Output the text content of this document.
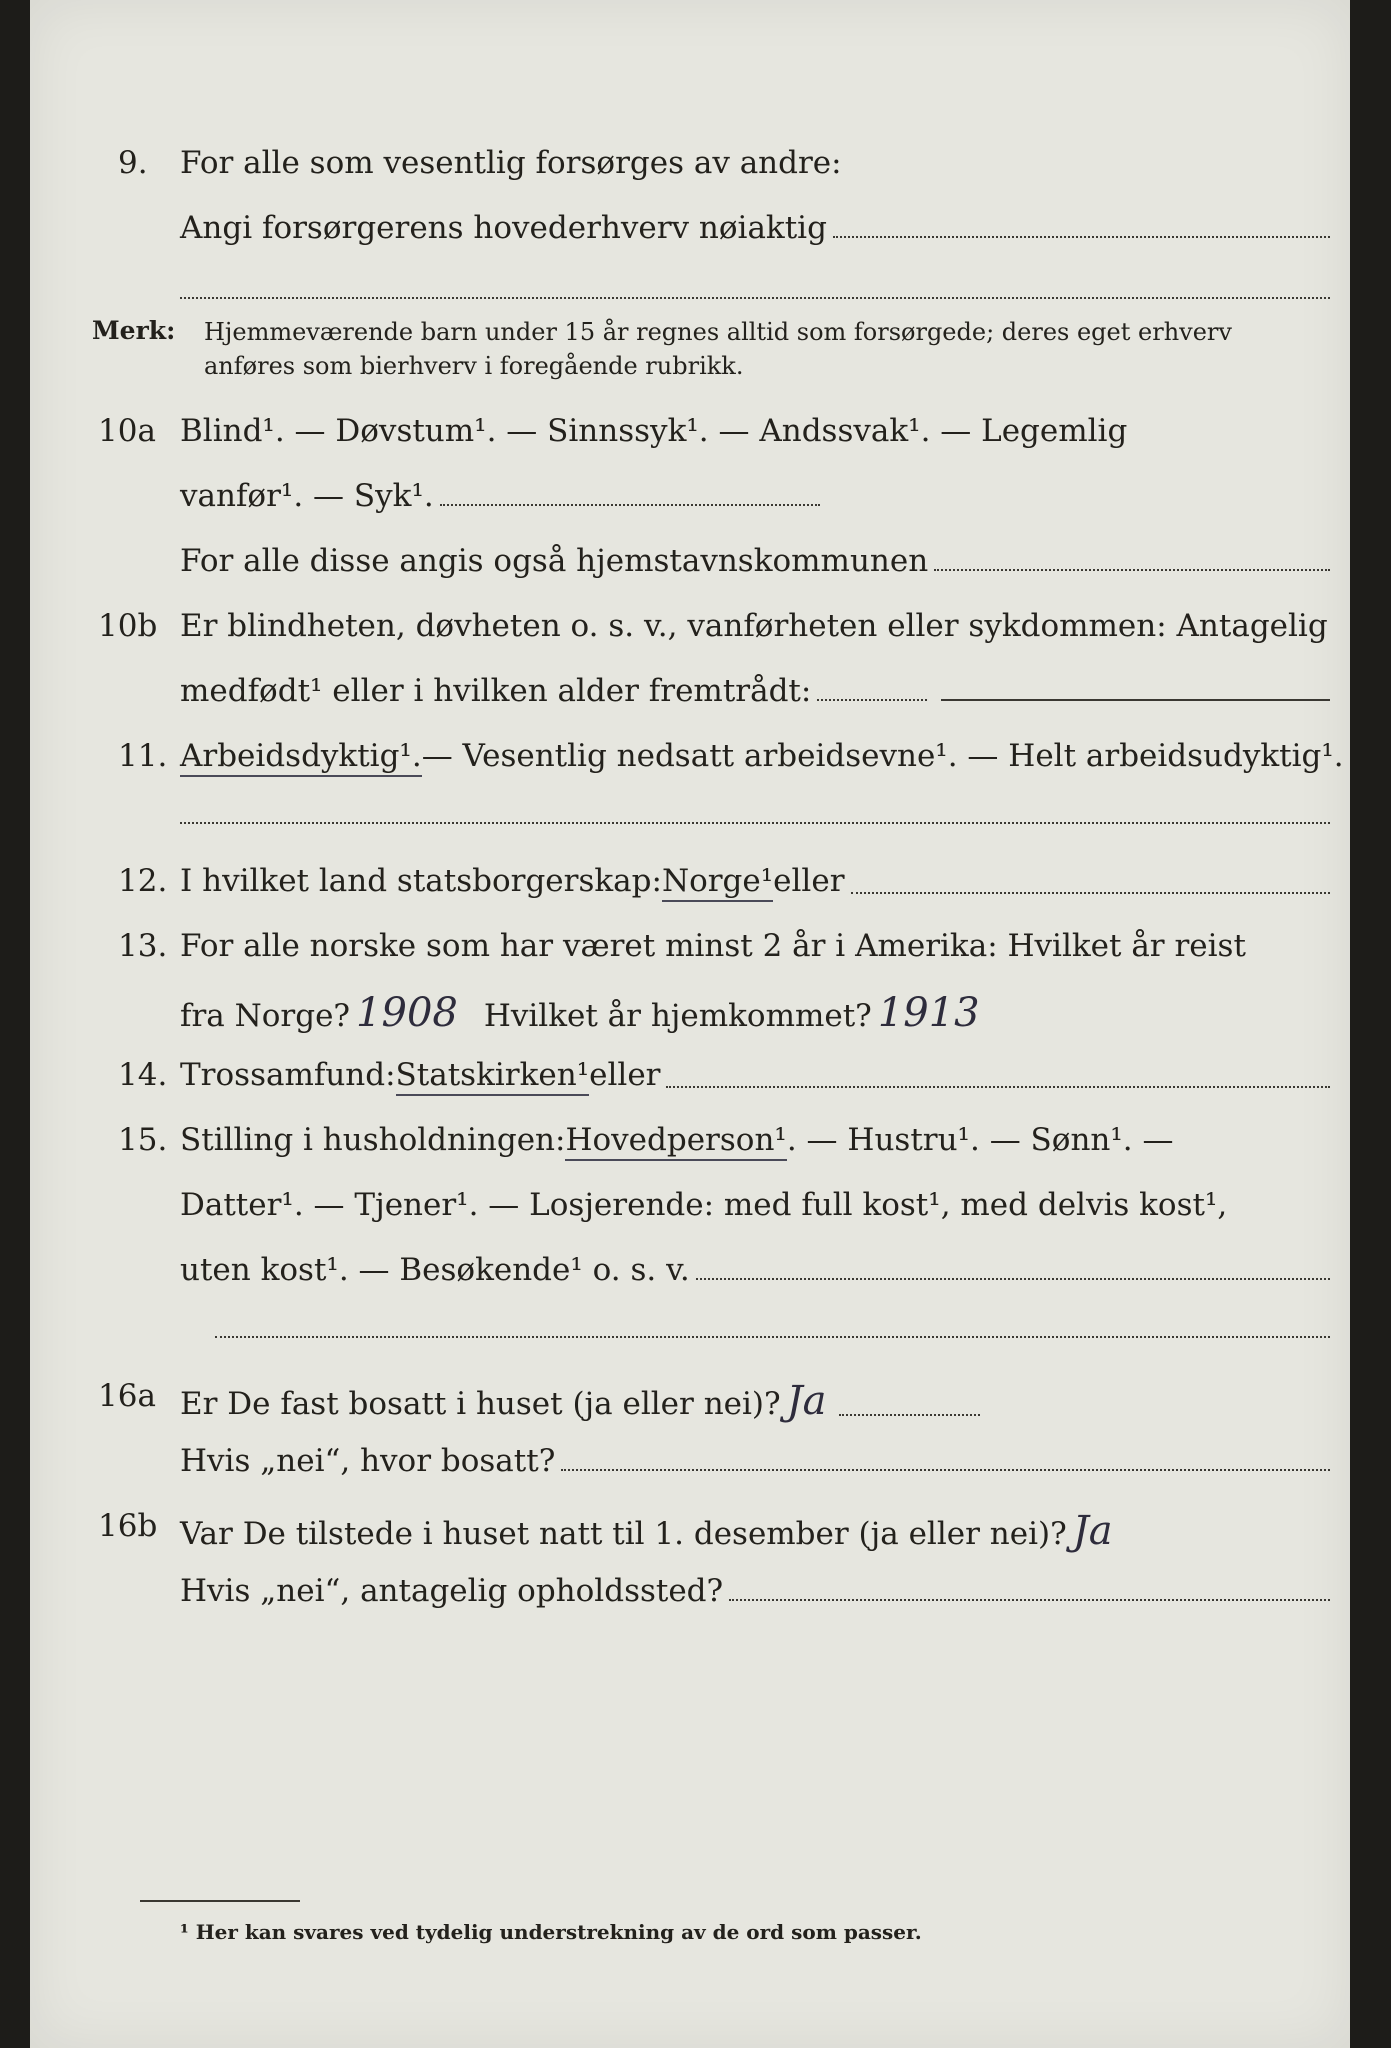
9. For alle som vesentlig forsørges av andre:
Angi forsørgerens hovederhverv nøiaktig
Merk: Hjemmeværende barn under 15 år regnes alltid som forsørgede; deres eget erhverv
anføres som bierhverv i foregående rubrikk.
10a Blind¹. — Døvstum¹. — Sinnssyk¹. — Andssvak¹. — Legemlig
vanfør¹. — Syk¹.
For alle disse angis også hjemstavnskommunen
10b Er blindheten, døvheten o. s. v., vanførheten eller sykdommen: Antagelig
medfødt¹ eller i hvilken alder fremtrådt:
11. Arbeidsdyktig¹. — Vesentlig nedsatt arbeidsevne¹. — Helt arbeidsudyktig¹.
12. I hvilket land statsborgerskap: Norge¹ eller
13. For alle norske som har været minst 2 år i Amerika: Hvilket år reist
fra Norge? 1908 Hvilket år hjemkommet? 1913
14. Trossamfund: Statskirken¹ eller
15. Stilling i husholdningen: Hovedperson¹ . — Hustru¹. — Sønn¹. —
Datter¹. — Tjener¹. — Losjerende: med full kost¹, med delvis kost¹,
uten kost¹. — Besøkende¹ o. s. v.
16a Er De fast bosatt i huset (ja eller nei)? Ja
Hvis „nei“, hvor bosatt?
16b Var De tilstede i huset natt til 1. desember (ja eller nei)? Ja
Hvis „nei“, antagelig opholdssted?
¹ Her kan svares ved tydelig understrekning av de ord som passer.
